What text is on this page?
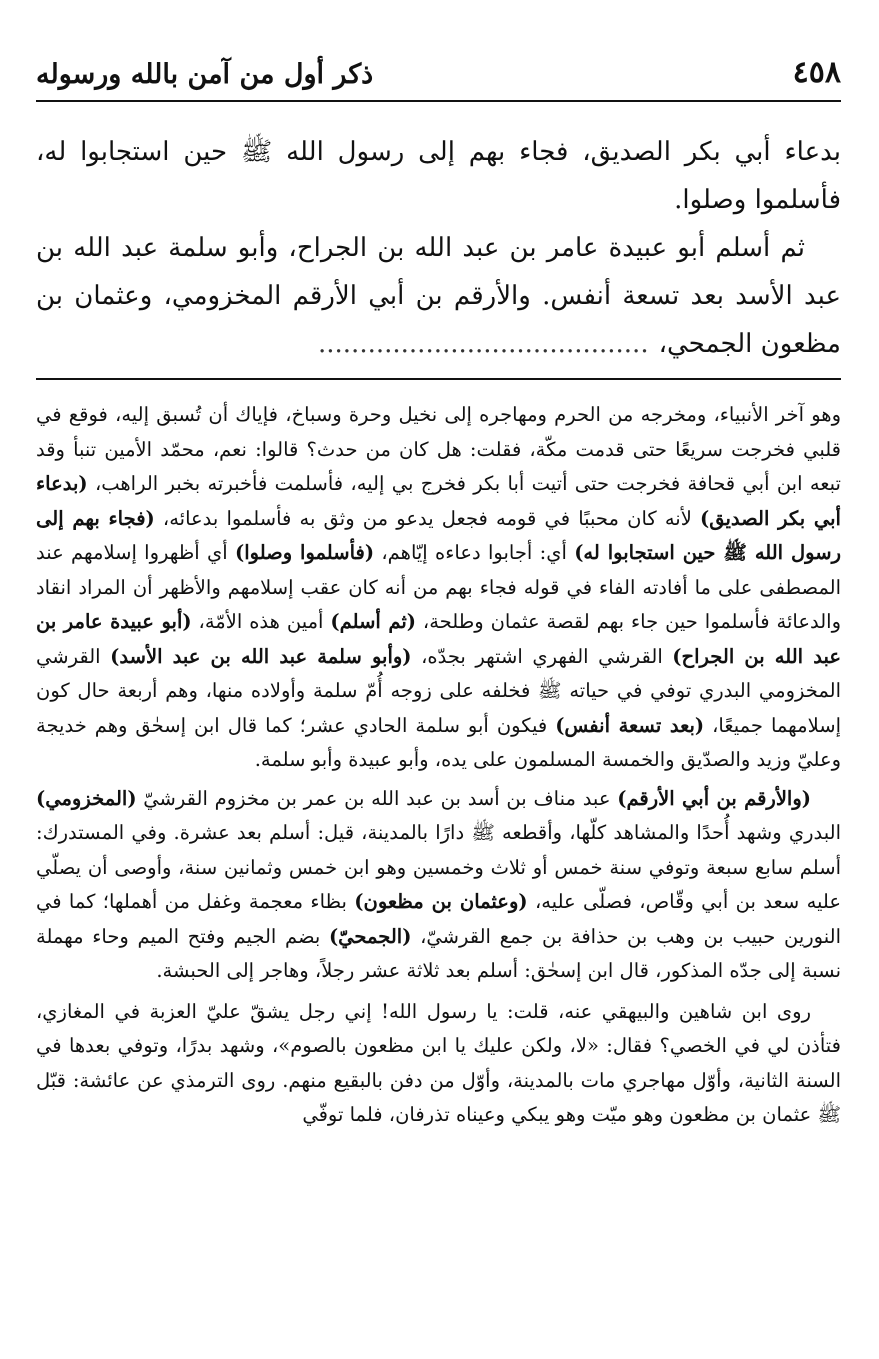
٤٥٨
ذكر أول من آمن بالله ورسوله

بدعاء أبي بكر الصديق، فجاء بهم إلى رسول الله ﷺ حين استجابوا له، فأسلموا وصلوا.

ثم أسلم أبو عبيدة عامر بن عبد الله بن الجراح، وأبو سلمة عبد الله بن عبد الأسد بعد تسعة أنفس. والأرقم بن أبي الأرقم المخزومي، وعثمان بن مظعون الجمحي،........................................

وهو آخر الأنبياء، ومخرجه من الحرم ومهاجره إلى نخيل وحرة وسباخ، فإياك أن تُسبق إليه، فوقع في قلبي فخرجت سريعًا حتى قدمت مكّة، فقلت: هل كان من حدث؟ قالوا: نعم، محمّد الأمين تنبأ وقد تبعه ابن أبي قحافة فخرجت حتى أتيت أبا بكر فخرج بي إليه، فأسلمت فأخبرته بخبر الراهب، (بدعاء أبي بكر الصديق) لأنه كان محببًا في قومه فجعل يدعو من وثق به فأسلموا بدعائه، (فجاء بهم إلى رسول الله ﷺ حين استجابوا له) أي: أجابوا دعاءه إيّاهم، (فأسلموا وصلوا) أي أظهروا إسلامهم عند المصطفى على ما أفادته الفاء في قوله فجاء بهم من أنه كان عقب إسلامهم والأظهر أن المراد انقاد والدعائة فأسلموا حين جاء بهم لقصة عثمان وطلحة، (ثم أسلم) أمين هذه الأمّة، (أبو عبيدة عامر بن عبد الله بن الجراح) القرشي الفهري اشتهر بجدّه، (وأبو سلمة عبد الله بن عبد الأسد) القرشي المخزومي البدري توفي في حياته ﷺ فخلفه على زوجه أُمّ سلمة وأولاده منها، وهم أربعة حال كون إسلامهما جميعًا، (بعد تسعة أنفس) فيكون أبو سلمة الحادي عشر؛ كما قال ابن إسحٰق وهم خديجة وعليّ وزيد والصدّيق والخمسة المسلمون على يده، وأبو عبيدة وأبو سلمة.

(والأرقم بن أبي الأرقم) عبد مناف بن أسد بن عبد الله بن عمر بن مخزوم القرشيّ (المخزومي) البدري وشهد أُحدًا والمشاهد كلّها، وأقطعه ﷺ دارًا بالمدينة، قيل: أسلم بعد عشرة. وفي المستدرك: أسلم سابع سبعة وتوفي سنة خمس أو ثلاث وخمسين وهو ابن خمس وثمانين سنة، وأوصى أن يصلّي عليه سعد بن أبي وقّاص، فصلّى عليه، (وعثمان بن مظعون) بظاء معجمة وغفل من أهملها؛ كما في النورين حبيب بن وهب بن حذافة بن جمع القرشيّ، (الجمحيّ) بضم الجيم وفتح الميم وحاء مهملة نسبة إلى جدّه المذكور، قال ابن إسحٰق: أسلم بعد ثلاثة عشر رجلاً، وهاجر إلى الحبشة.

روى ابن شاهين والبيهقي عنه، قلت: يا رسول الله! إني رجل يشقّ عليّ العزبة في المغازي، فتأذن لي في الخصي؟ فقال: «لا، ولكن عليك يا ابن مظعون بالصوم»، وشهد بدرًا، وتوفي بعدها في السنة الثانية، وأوّل مهاجري مات بالمدينة، وأوّل من دفن بالبقيع منهم. روى الترمذي عن عائشة: قبّل ﷺ عثمان بن مظعون وهو ميّت وهو يبكي وعيناه تذرفان، فلما توفّي
